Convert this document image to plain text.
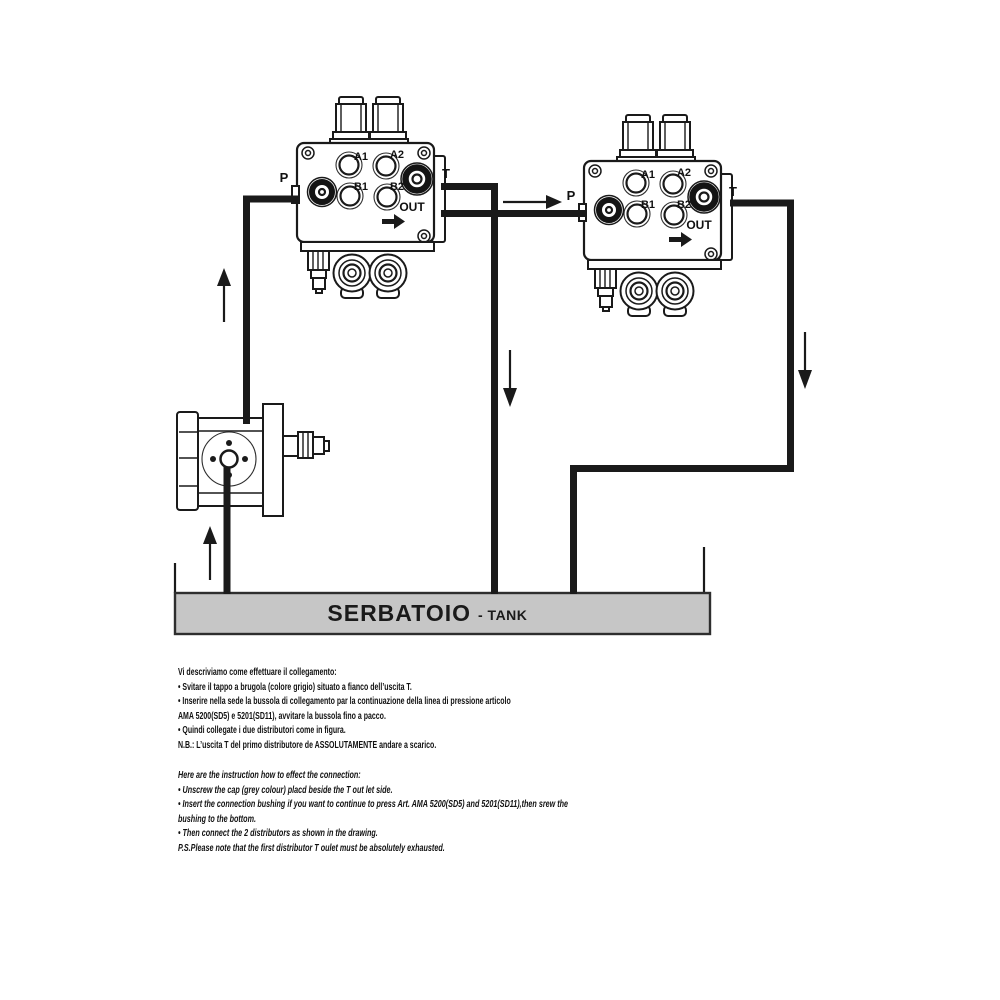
SERBATOIO - TANK
A1 A2
B1 B2
OUT
P	T	A1 A2
B1 B2
OUT
P	T
Vi descriviamo come effettuare il collegamento:
• Svitare il tappo a brugola (colore grigio) situato a fianco dell’uscita T.
• Inserire nella sede la bussola di collegamento par la continuazione della linea di pressione articolo
AMA 5200(SD5) e 5201(SD11), avvitare la bussola fino a pacco.
• Quindi collegate i due distributori come in figura.
N.B.: L’uscita T del primo distributore de ASSOLUTAMENTE andare a scarico.
Here are the instruction how to effect the connection:
• Unscrew the cap (grey colour) placd beside the T out let side.
• Insert the connection bushing if you want to continue to press Art. AMA 5200(SD5) and 5201(SD11),then srew the
bushing to the bottom.
• Then connect the 2 distributors as shown in the drawing.
P.S.Please note that the first distributor T oulet must be absolutely exhausted.
